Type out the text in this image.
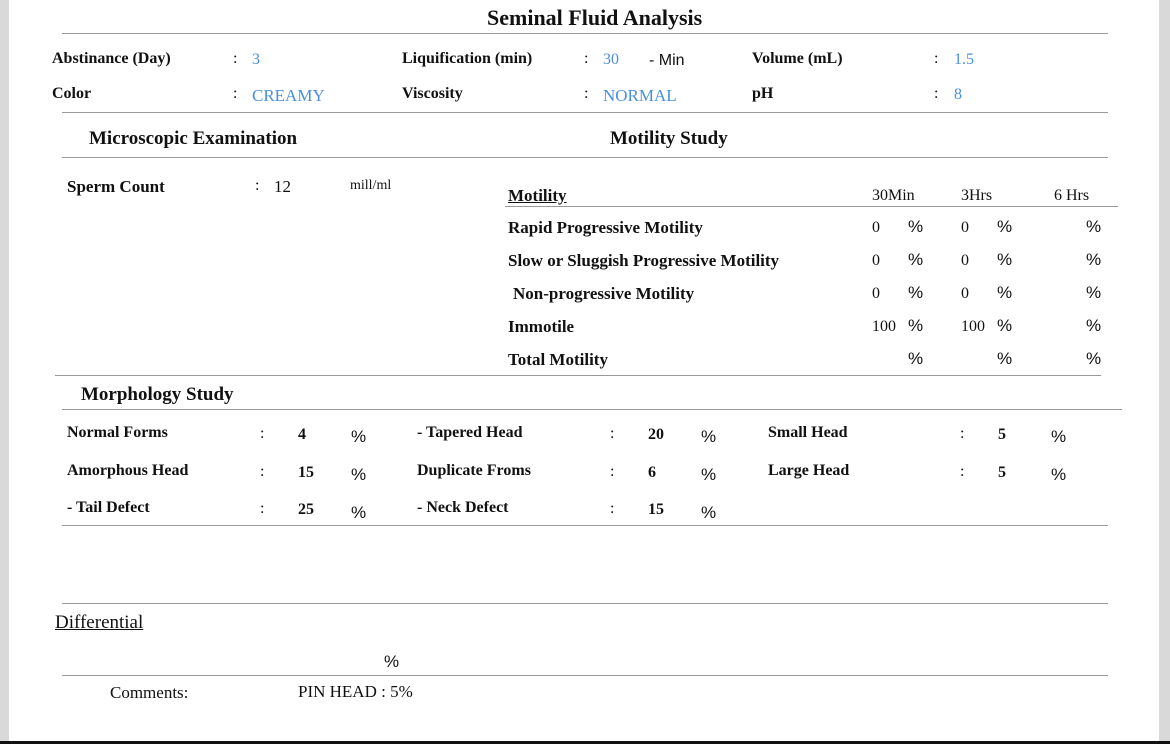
Seminal Fluid Analysis
Abstinance (Day)	: 3	Liquification (min)	: 30 - Min	Volume (mL)	: 1.5
Color	: CREAMY	Viscosity	: NORMAL	pH	: 8
Microscopic Examination	Motility Study
Sperm Count	: 12	mill/ml
Motility	30Min	3Hrs	6 Hrs
Rapid Progressive Motility	0 % 0 %	%
Slow or Sluggish Progressive Motility	0 % 0 %	%
Non-progressive Motility	0 % 0 %	%
Immotile	100 % 100 %	%
Total Motility	%	%	%
Morphology Study
Normal Forms	: 4	%	- Tapered Head	: 20 %	Small Head	: 5	%
Amorphous Head	: 15 %	Duplicate Froms	: 6	%	Large Head	: 5	%
- Tail Defect	: 25 %	- Neck Defect	: 15 %
Differential
%
Comments:	PIN HEAD : 5%
